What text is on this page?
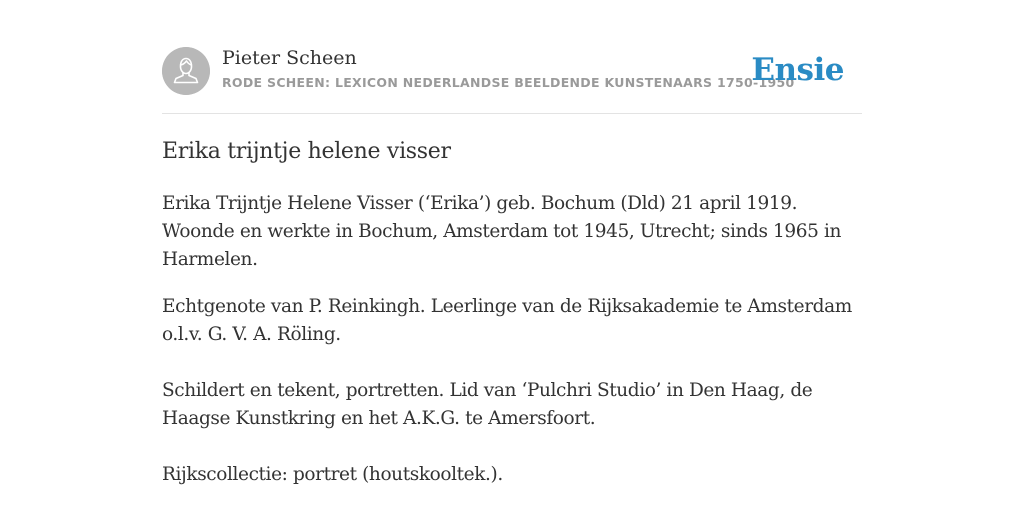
Pieter Scheen
RODE SCHEEN: LEXICON NEDERLANDSE BEELDENDE KUNSTENAARS 1750-1950
Ensie
Erika trijntje helene visser

Erika Trijntje Helene Visser (‘Erika’) geb. Bochum (Dld) 21 april 1919. Woonde en werkte in Bochum, Amsterdam tot 1945, Utrecht; sinds 1965 in Harmelen.

Echtgenote van P. Reinkingh. Leerlinge van de Rijksakademie te Amsterdam o.l.v. G. V. A. Röling.

Schildert en tekent, portretten. Lid van ‘Pulchri Studio’ in Den Haag, de Haagse Kunstkring en het A.K.G. te Amersfoort.

Rijkscollectie: portret (houtskooltek.).
